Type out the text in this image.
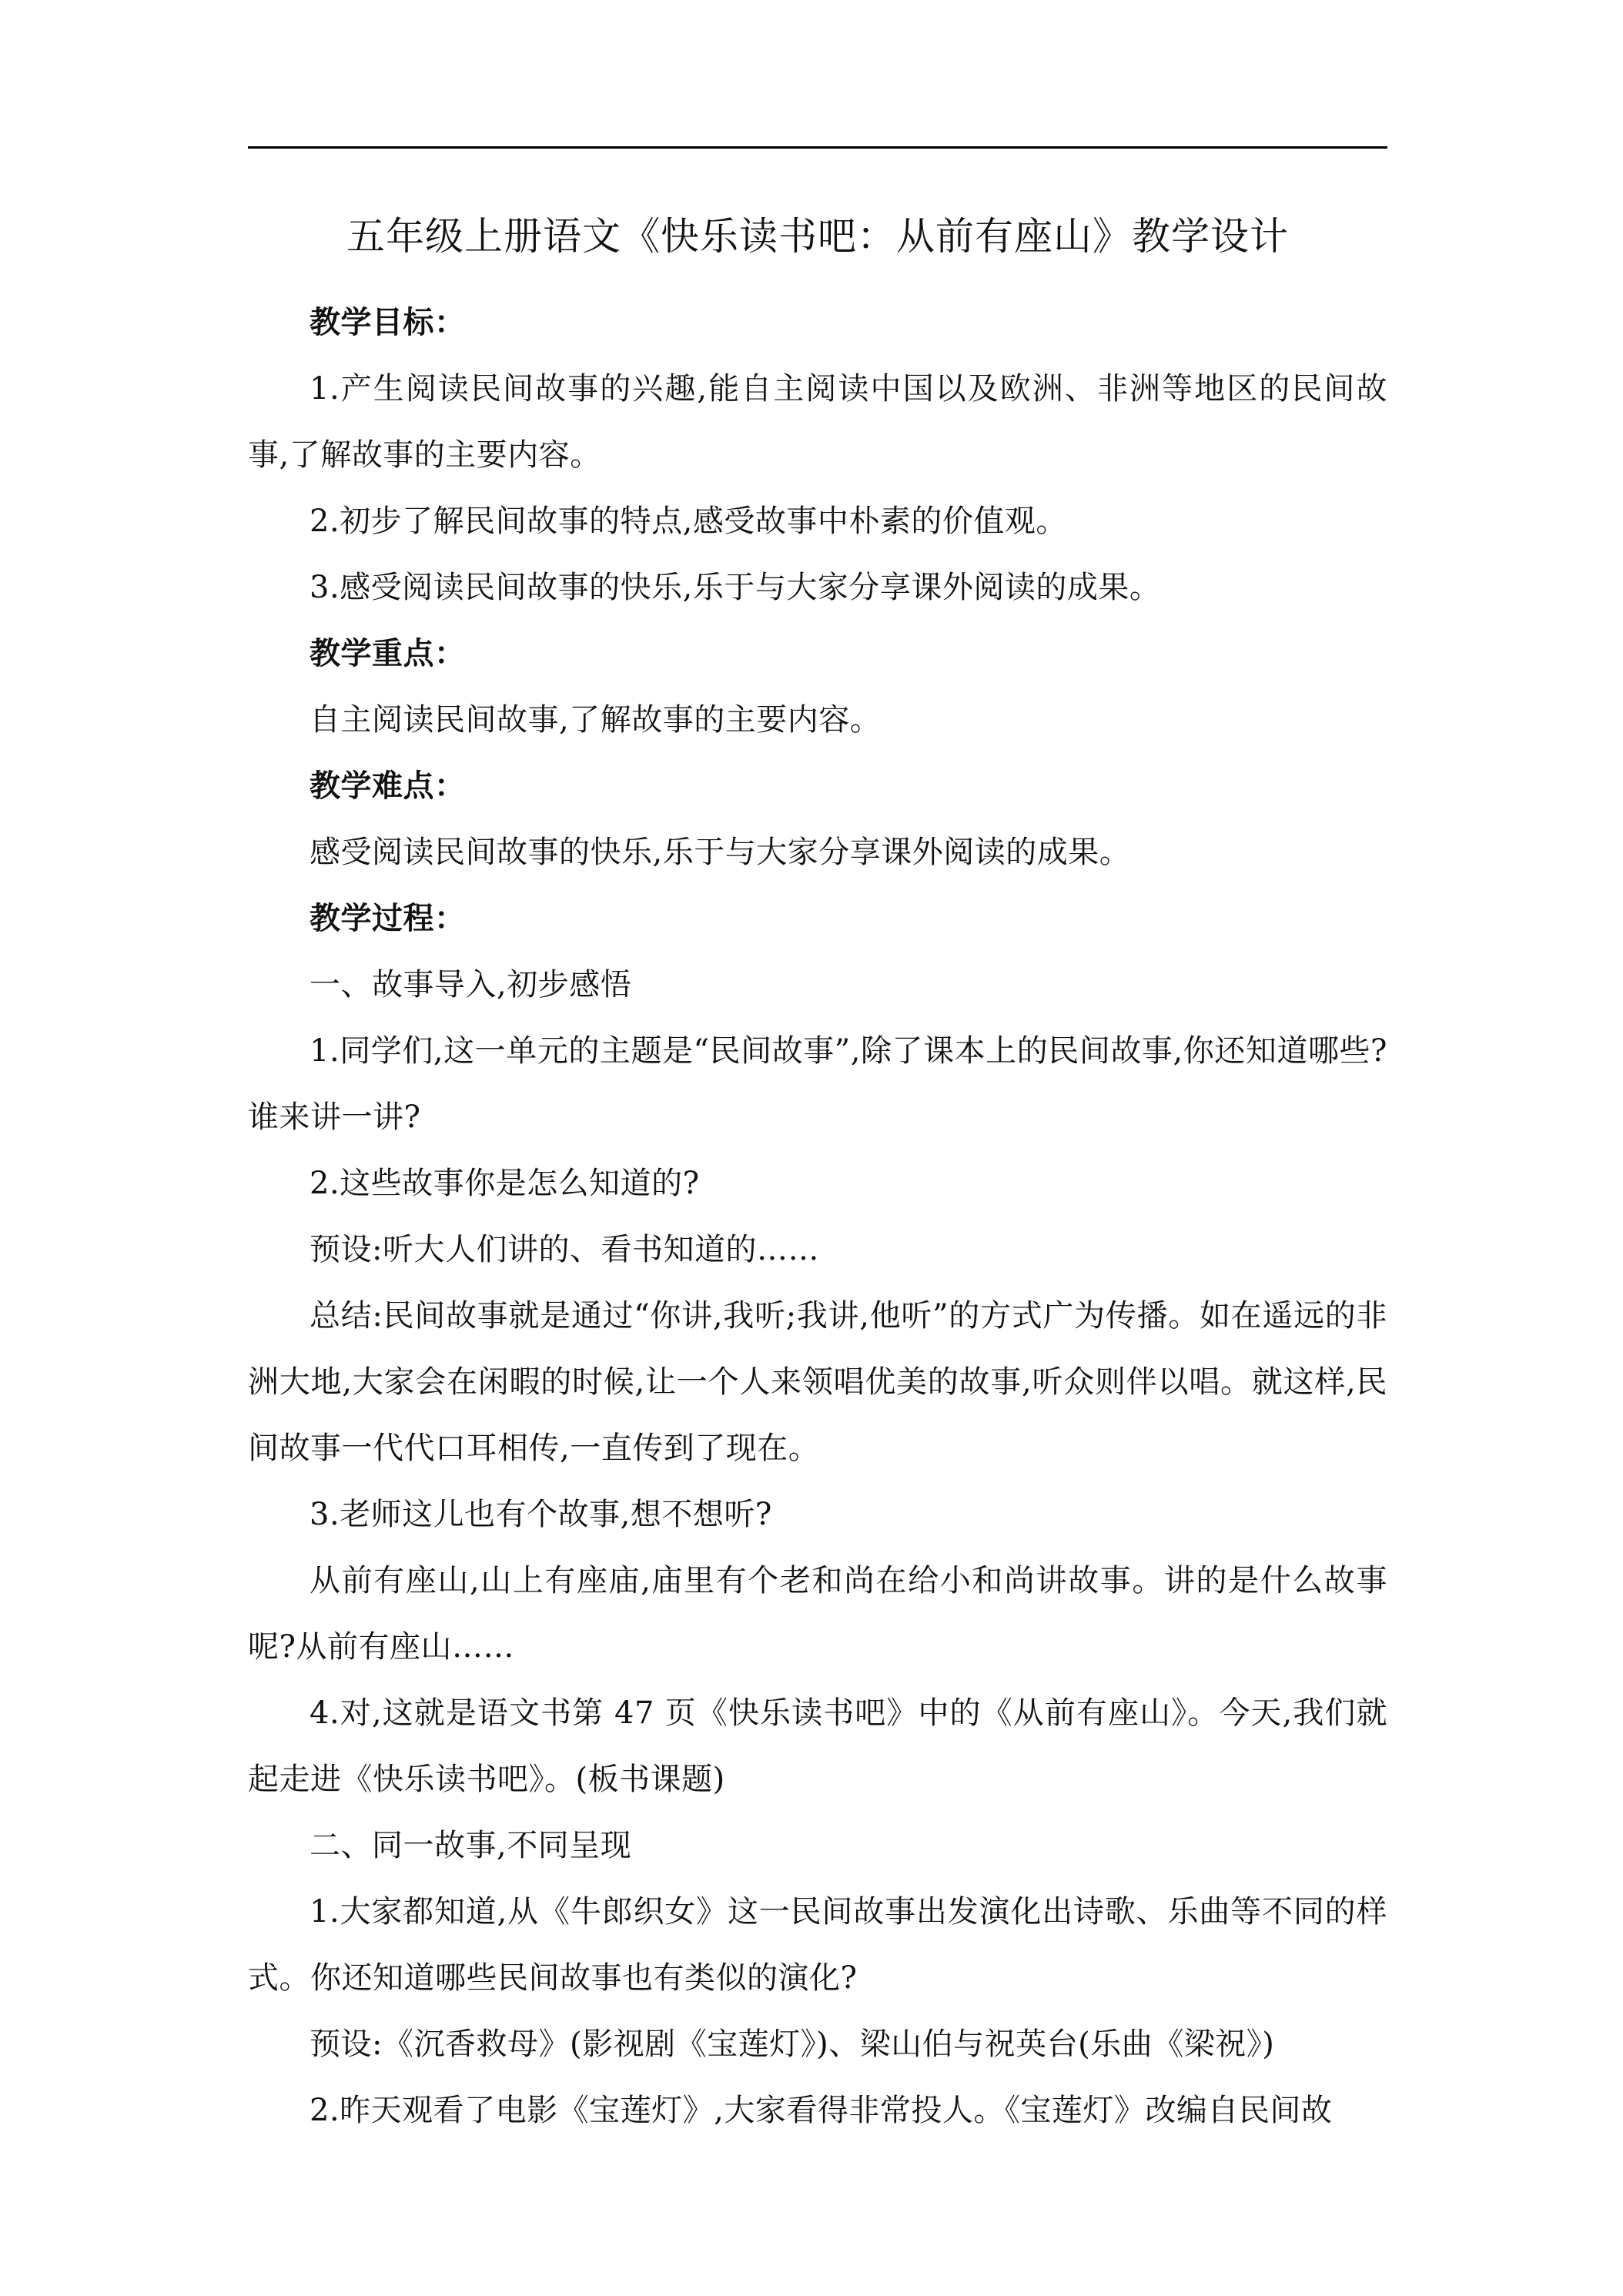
五年级上册语文《快乐读书吧：从前有座山》教学设计

教学目标：

1.产生阅读民间故事的兴趣,能自主阅读中国以及欧洲、非洲等地区的民间故事,了解故事的主要内容。

2.初步了解民间故事的特点,感受故事中朴素的价值观。

3.感受阅读民间故事的快乐,乐于与大家分享课外阅读的成果。

教学重点：

自主阅读民间故事,了解故事的主要内容。

教学难点：

感受阅读民间故事的快乐,乐于与大家分享课外阅读的成果。

教学过程：

一、故事导入,初步感悟

1.同学们,这一单元的主题是“民间故事”,除了课本上的民间故事,你还知道哪些?谁来讲一讲?

2.这些故事你是怎么知道的?

预设:听大人们讲的、看书知道的……

总结:民间故事就是通过“你讲,我听;我讲,他听”的方式广为传播。如在遥远的非洲大地,大家会在闲暇的时候,让一个人来领唱优美的故事,听众则伴以唱。就这样,民间故事一代代口耳相传,一直传到了现在。

3.老师这儿也有个故事,想不想听?

从前有座山,山上有座庙,庙里有个老和尚在给小和尚讲故事。讲的是什么故事呢?从前有座山……

4.对,这就是语文书第 47 页《快乐读书吧》中的《从前有座山》。今天,我们就起走进《快乐读书吧》。(板书课题)

二、同一故事,不同呈现

1.大家都知道,从《牛郎织女》这一民间故事出发演化出诗歌、乐曲等不同的样式。你还知道哪些民间故事也有类似的演化?

预设:《沉香救母》(影视剧《宝莲灯》)、梁山伯与祝英台(乐曲《梁祝》)

2.昨天观看了电影《宝莲灯》,大家看得非常投人。《宝莲灯》改编自民间故
